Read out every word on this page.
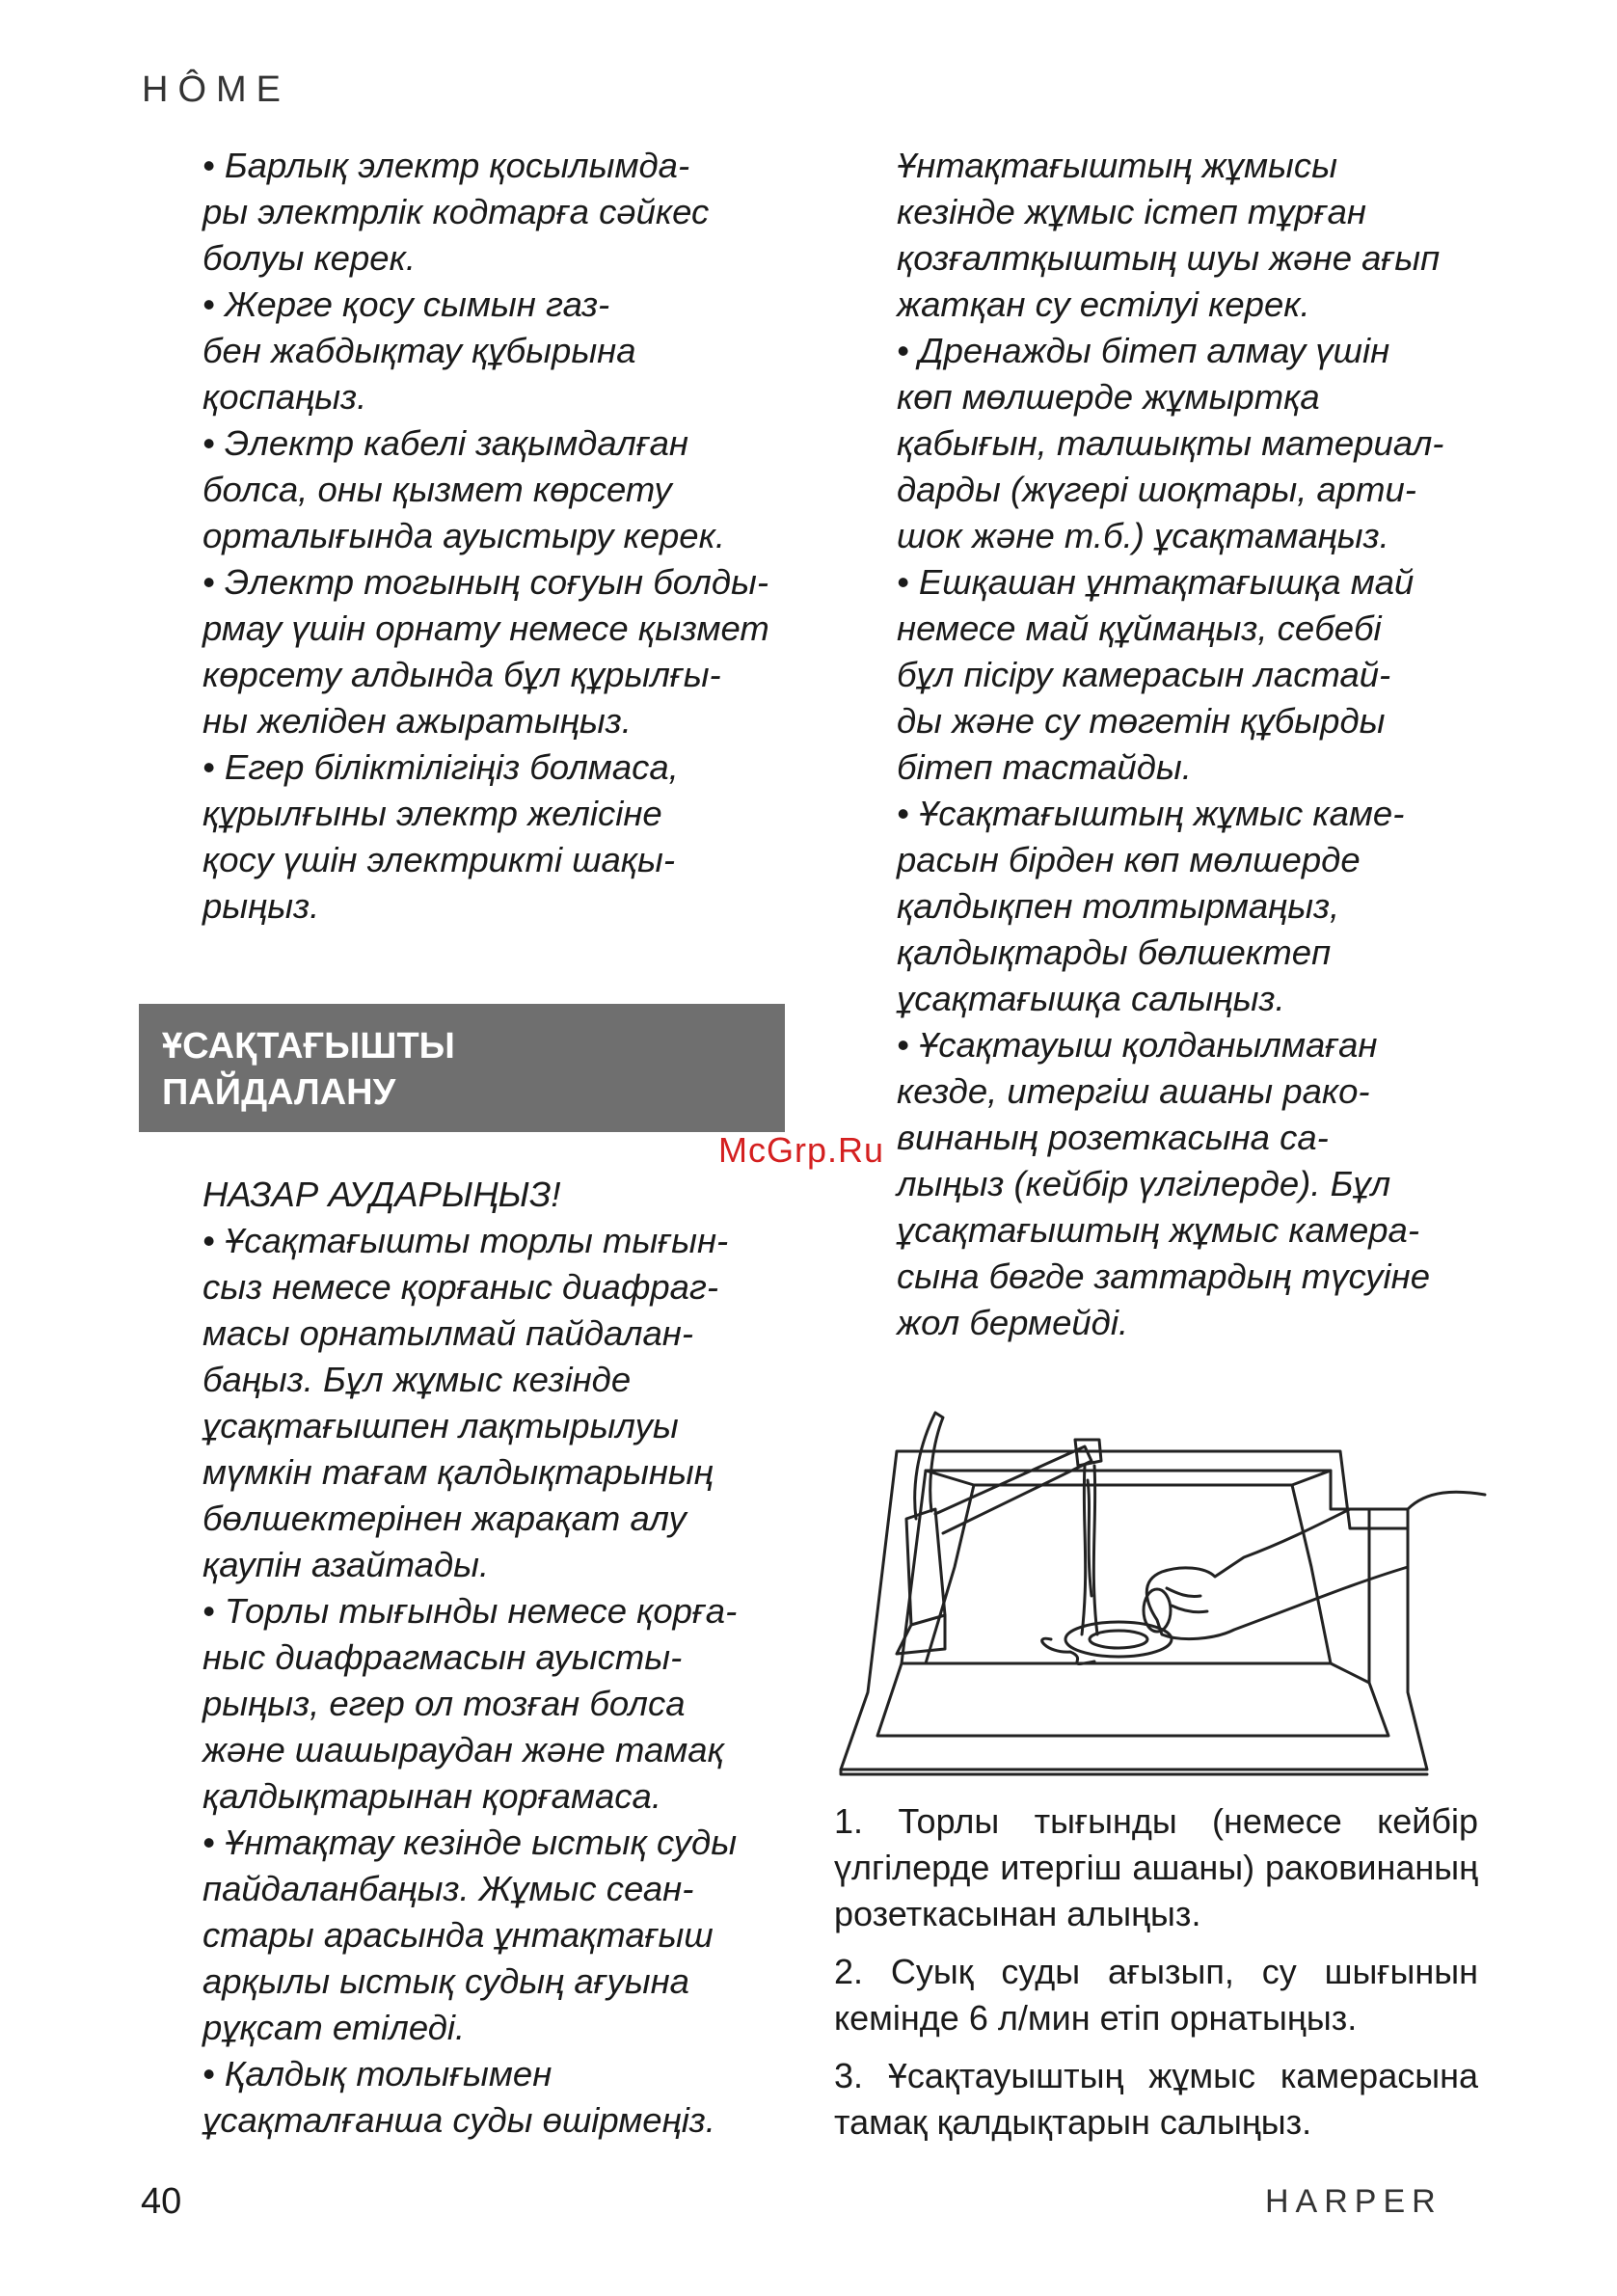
HÔME

• Барлық электр қосылымда-
ры электрлік кодтарға сәйкес
болуы керек.

• Жерге қосу сымын газ-
бен жабдықтау құбырына
қоспаңыз.

• Электр кабелі зақымдалған
болса, оны қызмет көрсету
орталығында ауыстыру керек.

• Электр тогының соғуын болды-
рмау үшін орнату немесе қызмет
көрсету алдында бұл құрылғы-
ны желіден ажыратыңыз.

• Егер біліктілігіңіз болмаса,
құрылғыны электр желісіне
қосу үшін электрикті шақы-
рыңыз.

ҰСАҚТАҒЫШТЫ
ПАЙДАЛАНУ

НАЗАР АУДАРЫҢЫЗ!

• Ұсақтағышты торлы тығын-
сыз немесе қорғаныс диафраг-
масы орнатылмай пайдалан-
баңыз. Бұл жұмыс кезінде
ұсақтағышпен лақтырылуы
мүмкін тағам қалдықтарының
бөлшектерінен жарақат алу
қаупін азайтады.

• Торлы тығынды немесе қорға-
ныс диафрагмасын ауысты-
рыңыз, егер ол тозған болса
және шашыраудан және тамақ
қалдықтарынан қорғамаса.

• Ұнтақтау кезінде ыстық суды
пайдаланбаңыз. Жұмыс сеан-
стары арасында ұнтақтағыш
арқылы ыстық судың ағуына
рұқсат етіледі.

• Қалдық толығымен
ұсақталғанша суды өшірмеңіз.

Ұнтақтағыштың жұмысы
кезінде жұмыс істеп тұрған
қозғалтқыштың шуы және ағып
жатқан су естілуі керек.

• Дренажды бітеп алмау үшін
көп мөлшерде жұмыртқа
қабығын, талшықты материал-
дарды (жүгері шоқтары, арти-
шок және т.б.) ұсақтамаңыз.

• Ешқашан ұнтақтағышқа май
немесе май құймаңыз, себебі
бұл пісіру камерасын ластай-
ды және су төгетін құбырды
бітеп тастайды.

• Ұсақтағыштың жұмыс каме-
расын бірден көп мөлшерде
қалдықпен толтырмаңыз,
қалдықтарды бөлшектеп
ұсақтағышқа салыңыз.

• Ұсақтауыш қолданылмаған
кезде, итергіш ашаны рако-
винаның розеткасына са-
лыңыз (кейбір үлгілерде). Бұл
ұсақтағыштың жұмыс камера-
сына бөгде заттардың түсуіне
жол бермейді.

McGrp.Ru

1. Торлы тығынды (немесе кейбір үлгілерде итергіш ашаны) раковинаның розеткасынан алыңыз.

2. Суық суды ағызып, су шығынын кемінде 6 л/мин етіп орнатыңыз.

3. Ұсақтауыштың жұмыс камерасына тамақ қалдықтарын салыңыз.

40	HARPER
